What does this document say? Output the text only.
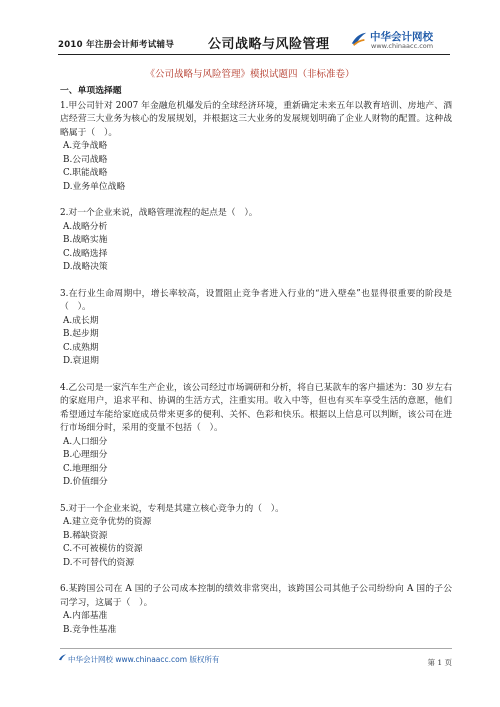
2010 年注册会计师考试辅导	公司战略与风险管理	中华会计网校
www.chinaacc.com
《公司战略与风险管理》模拟试题四（非标准卷）
一、单项选择题
1.甲公司针对 2007 年金融危机爆发后的全球经济环境，重新确定未来五年以教育培训、房地产、酒店经营三大业务为核心的发展规划，并根据这三大业务的发展规划明确了企业人财物的配置。这种战略属于（　）。
A.竞争战略
B.公司战略
C.职能战略
D.业务单位战略
2.对一个企业来说，战略管理流程的起点是（　）。
A.战略分析
B.战略实施
C.战略选择
D.战略决策
3.在行业生命周期中，增长率较高，设置阻止竞争者进入行业的“进入壁垒”也显得很重要的阶段是（　）。
A.成长期
B.起步期
C.成熟期
D.衰退期
4.乙公司是一家汽车生产企业，该公司经过市场调研和分析，将自已某款车的客户描述为：30 岁左右的家庭用户，追求平和、协调的生活方式，注重实用。收入中等，但也有买车享受生活的意愿，他们希望通过车能给家庭成员带来更多的便利、关怀、色彩和快乐。根据以上信息可以判断，该公司在进行市场细分时，采用的变量不包括（　）。
A.人口细分
B.心理细分
C.地理细分
D.价值细分
5.对于一个企业来说，专利是其建立核心竞争力的（　）。
A.建立竞争优势的资源
B.稀缺资源
C.不可被模仿的资源
D.不可替代的资源
6.某跨国公司在 A 国的子公司成本控制的绩效非常突出，该跨国公司其他子公司纷纷向 A 国的子公司学习，这属于（　）。
A.内部基准
B.竞争性基准
中华会计网校 www.chinaacc.com 版权所有	第 1 页
